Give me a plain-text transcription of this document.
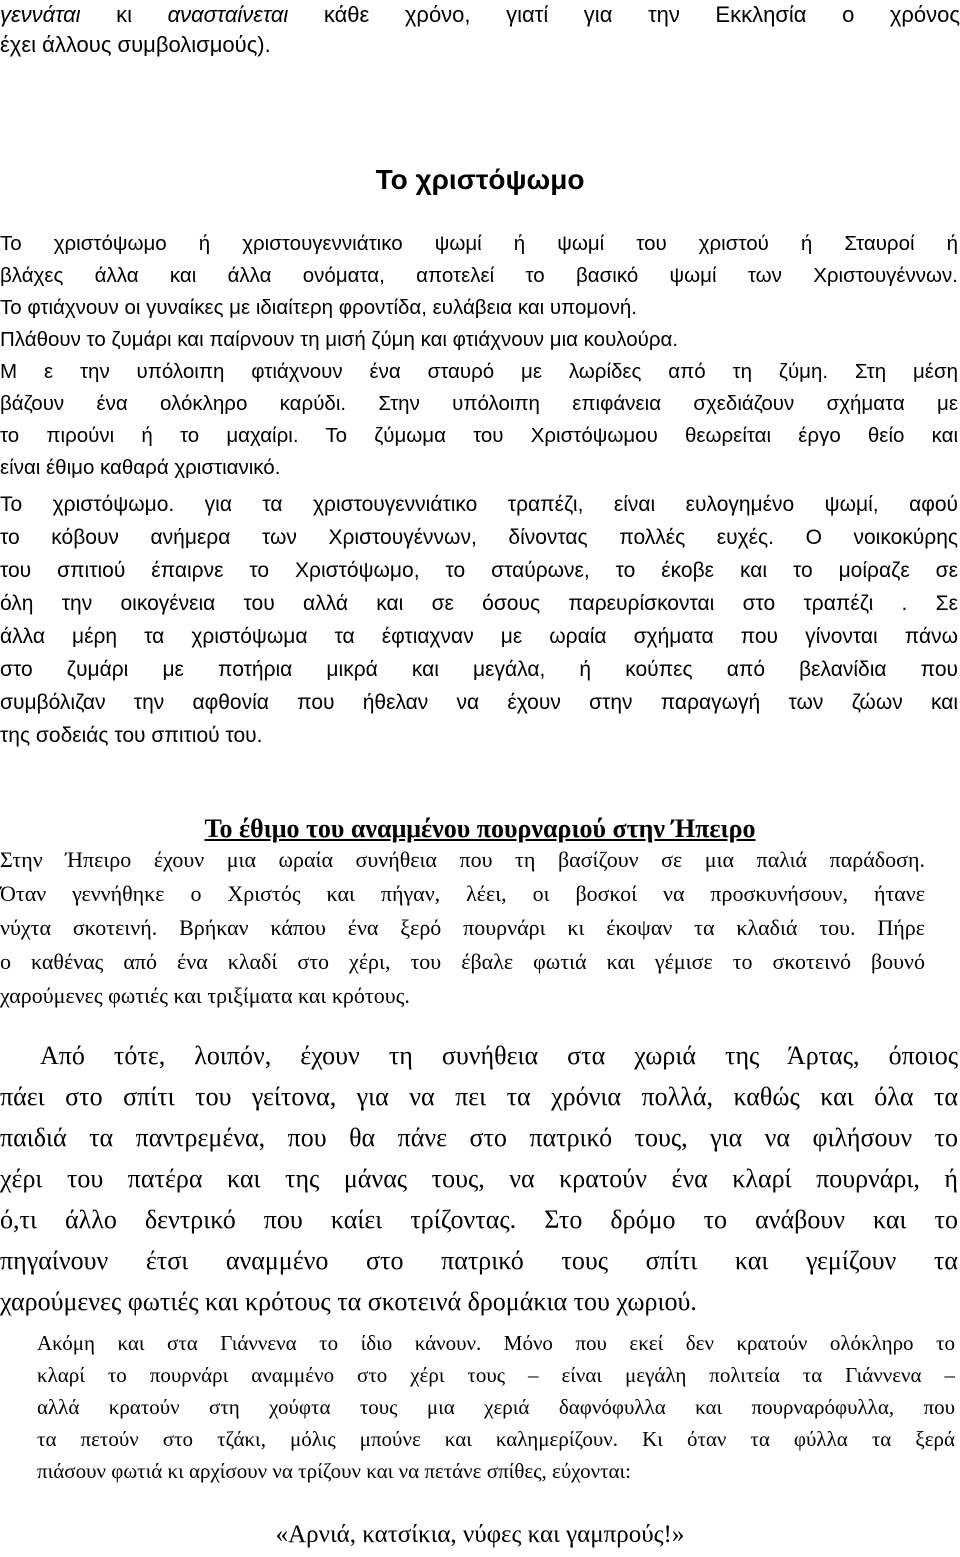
γεννάται κι ανασταίνεται κάθε χρόνο, γιατί για την Εκκλησία ο χρόνος
έχει άλλους συμβολισμούς).
Το χριστόψωμο
Το χριστόψωμο ή χριστουγεννιάτικο ψωμί ή ψωμί του χριστού ή Σταυροί ή
βλάχες άλλα και άλλα ονόματα, αποτελεί το βασικό ψωμί των Χριστουγέννων.
Το φτιάχνουν οι γυναίκες με ιδιαίτερη φροντίδα, ευλάβεια και υπομονή.
Πλάθουν το ζυμάρι και παίρνουν τη μισή ζύμη και φτιάχνουν μια κουλούρα.
Μ ε την υπόλοιπη φτιάχνουν ένα σταυρό με λωρίδες από τη ζύμη. Στη μέση
βάζουν ένα ολόκληρο καρύδι. Στην υπόλοιπη επιφάνεια σχεδιάζουν σχήματα με
το πιρούνι ή το μαχαίρι. Το ζύμωμα του Χριστόψωμου θεωρείται έργο θείο και
είναι έθιμο καθαρά χριστιανικό.
Το χριστόψωμο. για τα χριστουγεννιάτικο τραπέζι, είναι ευλογημένο ψωμί, αφού
το κόβουν ανήμερα των Χριστουγέννων, δίνοντας πολλές ευχές. Ο νοικοκύρης
του σπιτιού έπαιρνε το Χριστόψωμο, το σταύρωνε, το έκοβε και το μοίραζε σε
όλη την οικογένεια του αλλά και σε όσους παρευρίσκονται στο τραπέζι . Σε
άλλα μέρη τα χριστόψωμα τα έφτιαχναν με ωραία σχήματα που γίνονται πάνω
στο ζυμάρι με ποτήρια μικρά και μεγάλα, ή κούπες από βελανίδια που
συμβόλιζαν την αφθονία που ήθελαν να έχουν στην παραγωγή των ζώων και
της σοδειάς του σπιτιού του.
Το έθιμο του αναμμένου πουρναριού στην Ήπειρο
Στην Ήπειρο έχουν μια ωραία συνήθεια που τη βασίζουν σε μια παλιά παράδοση.
Όταν γεννήθηκε ο Χριστός και πήγαν, λέει, οι βοσκοί να προσκυνήσουν, ήτανε
νύχτα σκοτεινή. Βρήκαν κάπου ένα ξερό πουρνάρι κι έκοψαν τα κλαδιά του. Πήρε
ο καθένας από ένα κλαδί στο χέρι, του έβαλε φωτιά και γέμισε το σκοτεινό βουνό
χαρούμενες φωτιές και τριξίματα και κρότους.
Από τότε, λοιπόν, έχουν τη συνήθεια στα χωριά της Άρτας, όποιος
πάει στο σπίτι του γείτονα, για να πει τα χρόνια πολλά, καθώς και όλα τα
παιδιά τα παντρεμένα, που θα πάνε στο πατρικό τους, για να φιλήσουν το
χέρι του πατέρα και της μάνας τους, να κρατούν ένα κλαρί πουρνάρι, ή
ό,τι άλλο δεντρικό που καίει τρίζοντας. Στο δρόμο το ανάβουν και το
πηγαίνουν έτσι αναμμένο στο πατρικό τους σπίτι και γεμίζουν τα
χαρούμενες φωτιές και κρότους τα σκοτεινά δρομάκια του χωριού.
Ακόμη και στα Γιάννενα το ίδιο κάνουν. Μόνο που εκεί δεν κρατούν ολόκληρο το
κλαρί το πουρνάρι αναμμένο στο χέρι τους – είναι μεγάλη πολιτεία τα Γιάννενα –
αλλά κρατούν στη χούφτα τους μια χεριά δαφνόφυλλα και πουρναρόφυλλα, που
τα πετούν στο τζάκι, μόλις μπούνε και καλημερίζουν. Κι όταν τα φύλλα τα ξερά
πιάσουν φωτιά κι αρχίσουν να τρίζουν και να πετάνε σπίθες, εύχονται:
«Αρνιά, κατσίκια, νύφες και γαμπρούς!»
